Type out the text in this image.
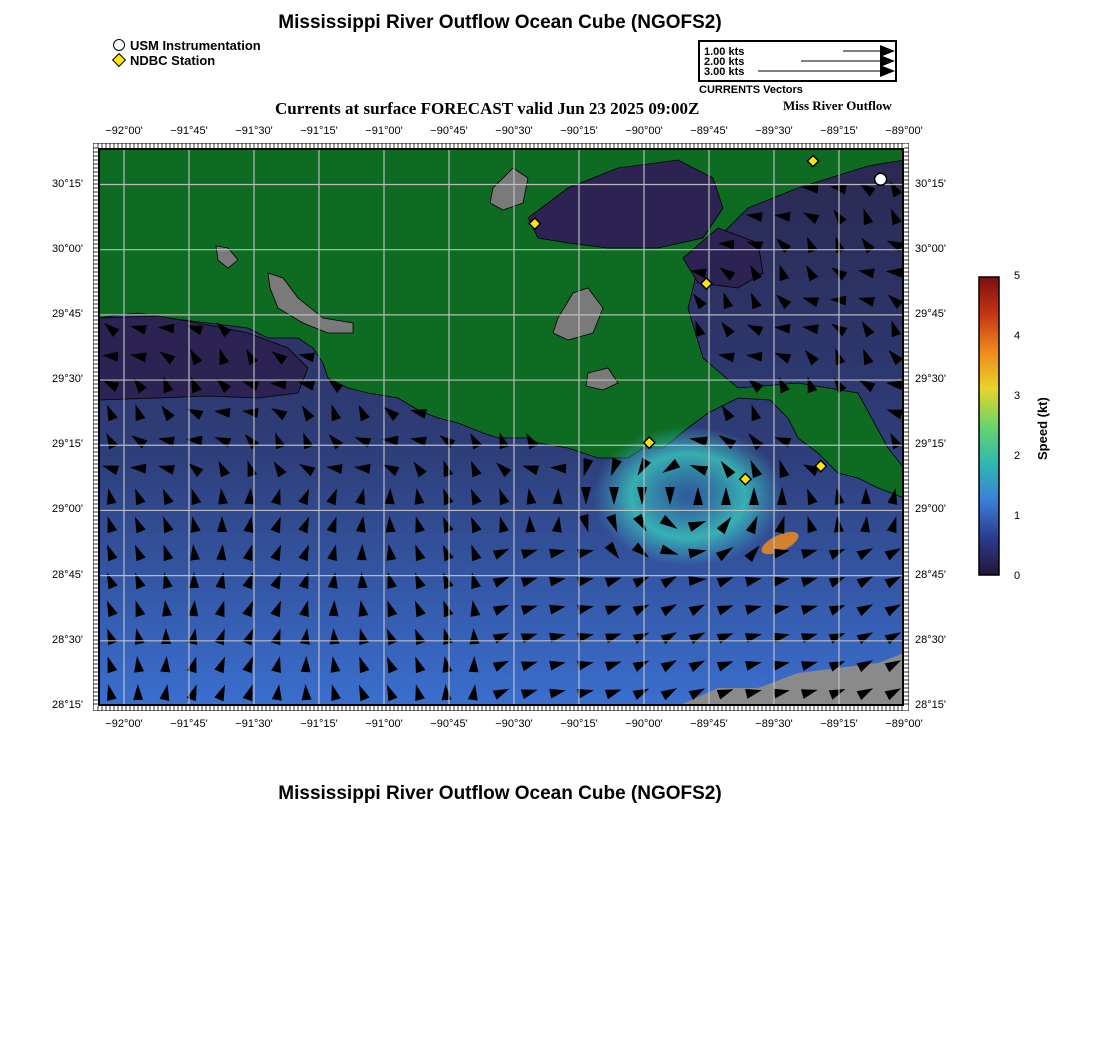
Mississippi River Outflow Ocean Cube (NGOFS2)
USM Instrumentation
NDBC Station
1.00 kts
2.00 kts
3.00 kts
CURRENTS Vectors
Currents at surface FORECAST valid Jun 23 2025 09:00Z	Miss River Outflow
−92°00'	−91°45'	−91°30'	−91°15'	−91°00'	−90°45'	−90°30'	−90°15'	−90°00'	−89°45'	−89°30'	−89°15'	−89°00'
−92°00'	−91°45'	−91°30'	−91°15'	−91°00'	−90°45'	−90°30'	−90°15'	−90°00'	−89°45'	−89°30'	−89°15'	−89°00'
30°15'
30°00'
29°45'
29°30'
29°15'
29°00'
28°45'
28°30'
28°15'
30°15'
30°00'
29°45'
29°30'
29°15'
29°00'
28°45'
28°30'
28°15'
5
4
3
2
1
0
Speed (kt)
Mississippi River Outflow Ocean Cube (NGOFS2)
